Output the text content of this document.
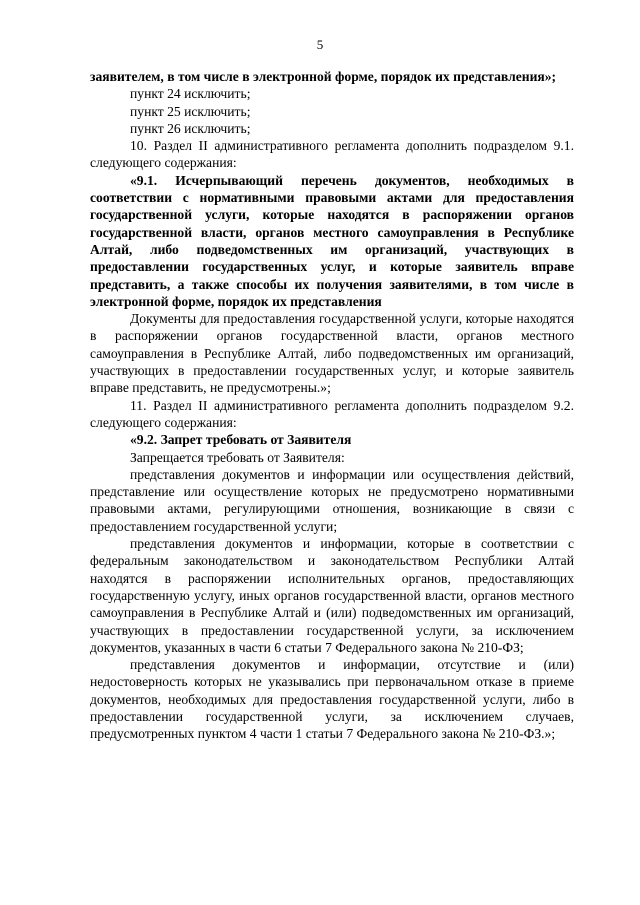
5

заявителем, в том числе в электронной форме, порядок их представления»;

пункт 24 исключить;

пункт 25 исключить;

пункт 26 исключить;

10. Раздел II административного регламента дополнить подразделом 9.1. следующего содержания:

«9.1. Исчерпывающий перечень документов, необходимых в соответствии с нормативными правовыми актами для предоставления государственной услуги, которые находятся в распоряжении органов государственной власти, органов местного самоуправления в Республике Алтай, либо подведомственных им организаций, участвующих в предоставлении государственных услуг, и которые заявитель вправе представить, а также способы их получения заявителями, в том числе в электронной форме, порядок их представления

Документы для предоставления государственной услуги, которые находятся в распоряжении органов государственной власти, органов местного самоуправления в Республике Алтай, либо подведомственных им организаций, участвующих в предоставлении государственных услуг, и которые заявитель вправе представить, не предусмотрены.»;

11. Раздел II административного регламента дополнить подразделом 9.2. следующего содержания:

«9.2. Запрет требовать от Заявителя

Запрещается требовать от Заявителя:

представления документов и информации или осуществления действий, представление или осуществление которых не предусмотрено нормативными правовыми актами, регулирующими отношения, возникающие в связи с предоставлением государственной услуги;

представления документов и информации, которые в соответствии с федеральным законодательством и законодательством Республики Алтай находятся в распоряжении исполнительных органов, предоставляющих государственную услугу, иных органов государственной власти, органов местного самоуправления в Республике Алтай и (или) подведомственных им организаций, участвующих в предоставлении государственной услуги, за исключением документов, указанных в части 6 статьи 7 Федерального закона № 210-ФЗ;

представления документов и информации, отсутствие и (или) недостоверность которых не указывались при первоначальном отказе в приеме документов, необходимых для предоставления государственной услуги, либо в предоставлении государственной услуги, за исключением случаев, предусмотренных пунктом 4 части 1 статьи 7 Федерального закона № 210-ФЗ.»;
